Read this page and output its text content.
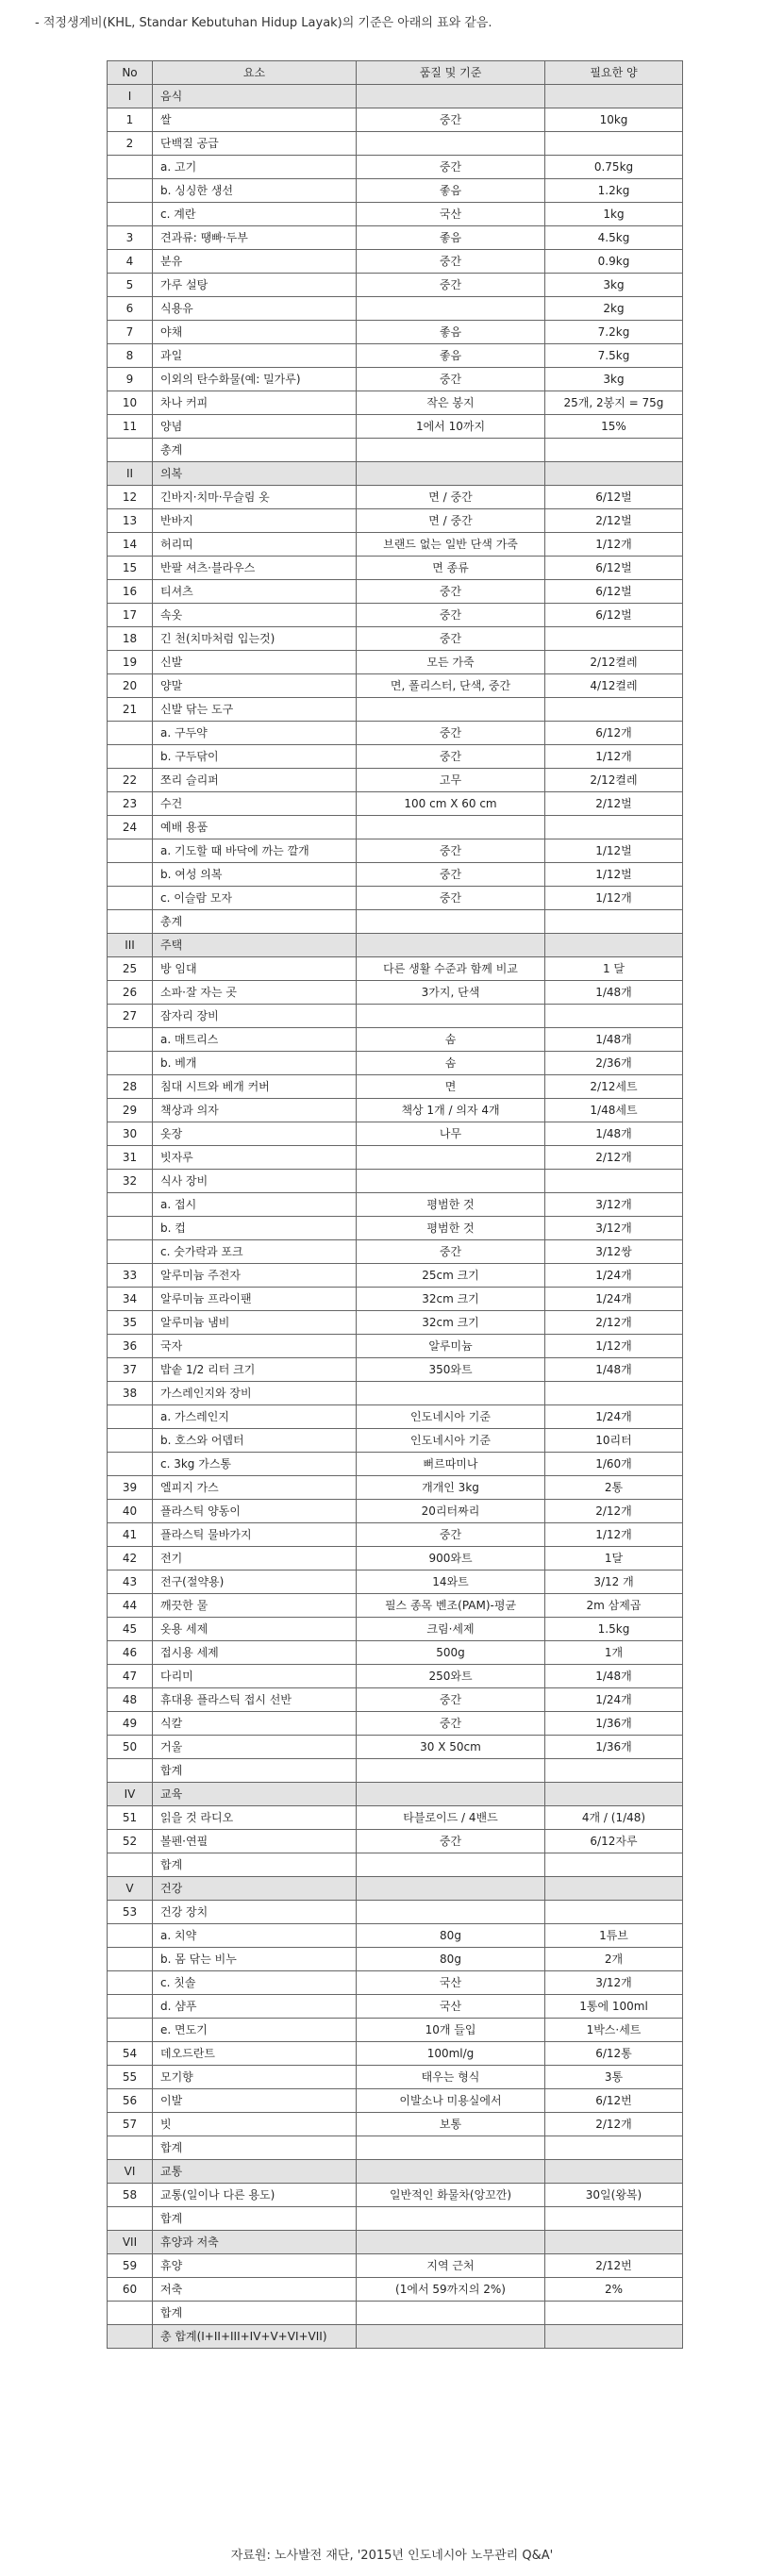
- 적정생계비(KHL, Standar Kebutuhan Hidup Layak)의 기준은 아래의 표와 같음.
No	요소	품질 및 기준	필요한 양
I	음식		
1	쌀	중간	10kg
2	단백질 공급		
	a. 고기	중간	0.75kg
	b. 싱싱한 생선	좋음	1.2kg
	c. 계란	국산	1kg
3	견과류: 땡빠·두부	좋음	4.5kg
4	분유	중간	0.9kg
5	가루 설탕	중간	3kg
6	식용유		2kg
7	야채	좋음	7.2kg
8	과일	좋음	7.5kg
9	이외의 탄수화물(예: 밀가루)	중간	3kg
10	차나 커피	작은 봉지	25개, 2봉지 = 75g
11	양념	1에서 10까지	15%
	총계		
II	의복		
12	긴바지·치마·무슬림 옷	면 / 중간	6/12벌
13	반바지	면 / 중간	2/12벌
14	허리띠	브랜드 없는 일반 단색 가죽	1/12개
15	반팔 셔츠·블라우스	면 종류	6/12벌
16	티셔츠	중간	6/12벌
17	속옷	중간	6/12벌
18	긴 천(치마처럼 입는것)	중간	
19	신발	모든 가죽	2/12켤레
20	양말	면, 폴리스터, 단색, 중간	4/12켤레
21	신발 닦는 도구		
	a. 구두약	중간	6/12개
	b. 구두닦이	중간	1/12개
22	쪼리 슬리퍼	고무	2/12켤레
23	수건	100 cm X 60 cm	2/12벌
24	예배 용품		
	a. 기도할 때 바닥에 까는 깔개	중간	1/12벌
	b. 여성 의복	중간	1/12벌
	c. 이슬람 모자	중간	1/12개
	총계		
III	주택		
25	방 임대	다른 생활 수준과 함께 비교	1 달
26	소파·잘 자는 곳	3가지, 단색	1/48개
27	잠자리 장비		
	a. 매트리스	솜	1/48개
	b. 베개	솜	2/36개
28	침대 시트와 베개 커버	면	2/12세트
29	책상과 의자	책상 1개 / 의자 4개	1/48세트
30	옷장	나무	1/48개
31	빗자루		2/12개
32	식사 장비		
	a. 접시	평범한 것	3/12개
	b. 컵	평범한 것	3/12개
	c. 숫가락과 포크	중간	3/12쌍
33	알루미늄 주전자	25cm 크기	1/24개
34	알루미늄 프라이팬	32cm 크기	1/24개
35	알루미늄 냄비	32cm 크기	2/12개
36	국자	알루미늄	1/12개
37	밥솥 1/2 리터 크기	350와트	1/48개
38	가스레인지와 장비		
	a. 가스레인지	인도네시아 기준	1/24개
	b. 호스와 어뎁터	인도네시아 기준	10리터
	c. 3kg 가스통	뻐르따미나	1/60개
39	엘피지 가스	개개인 3kg	2통
40	플라스틱 양동이	20리터짜리	2/12개
41	플라스틱 물바가지	중간	1/12개
42	전기	900와트	1달
43	전구(절약용)	14와트	3/12 개
44	깨끗한 물	필스 종목 벤조(PAM)-평균	2m 삼제곱
45	옷용 세제	크림·세제	1.5kg
46	접시용 세제	500g	1개
47	다리미	250와트	1/48개
48	휴대용 플라스틱 접시 선반	중간	1/24개
49	식칼	중간	1/36개
50	거울	30 X 50cm	1/36개
	합계		
IV	교육		
51	읽을 것 라디오	타블로이드 / 4밴드	4개 / (1/48)
52	볼펜·연필	중간	6/12자루
	합계		
V	건강		
53	건강 장치		
	a. 치약	80g	1튜브
	b. 몸 닦는 비누	80g	2개
	c. 칫솔	국산	3/12개
	d. 샴푸	국산	1통에 100ml
	e. 면도기	10개 들입	1박스·세트
54	데오드란트	100ml/g	6/12통
55	모기향	태우는 형식	3통
56	이발	이발소나 미용실에서	6/12번
57	빗	보통	2/12개
	합계		
VI	교통		
58	교통(일이나 다른 용도)	일반적인 화물차(앙꼬깐)	30일(왕복)
	합계		
VII	휴양과 저축		
59	휴양	지역 근처	2/12번
60	저축	(1에서 59까지의 2%)	2%
	합계		
	총 합계(I+II+III+IV+V+VI+VII)		
자료원: 노사발전 재단, '2015년 인도네시아 노무관리 Q&A'
